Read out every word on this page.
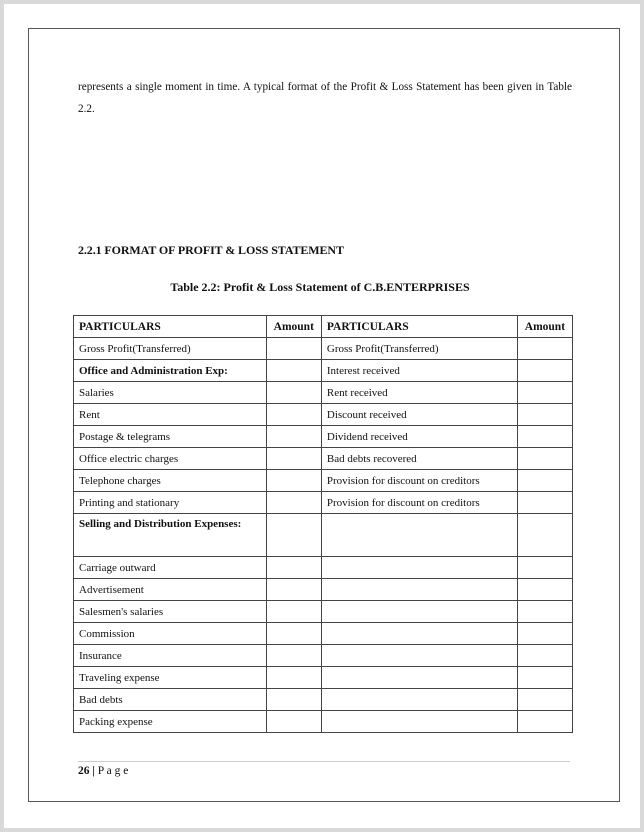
represents a single moment in time. A typical format of the Profit & Loss Statement has been given in Table 2.2.
2.2.1 FORMAT OF PROFIT & LOSS STATEMENT
Table 2.2: Profit & Loss Statement of C.B.ENTERPRISES
PARTICULARS	Amount	PARTICULARS	Amount
Gross Profit(Transferred)		Gross Profit(Transferred)	
Office and Administration Exp:		Interest received	
Salaries		Rent received	
Rent		Discount received	
Postage & telegrams		Dividend received	
Office electric charges		Bad debts recovered	
Telephone charges		Provision for discount on creditors	
Printing and stationary		Provision for discount on creditors	
Selling and Distribution Expenses:			
Carriage outward			
Advertisement			
Salesmen's salaries			
Commission			
Insurance			
Traveling expense			
Bad debts			
Packing expense			
26 | P a g e
